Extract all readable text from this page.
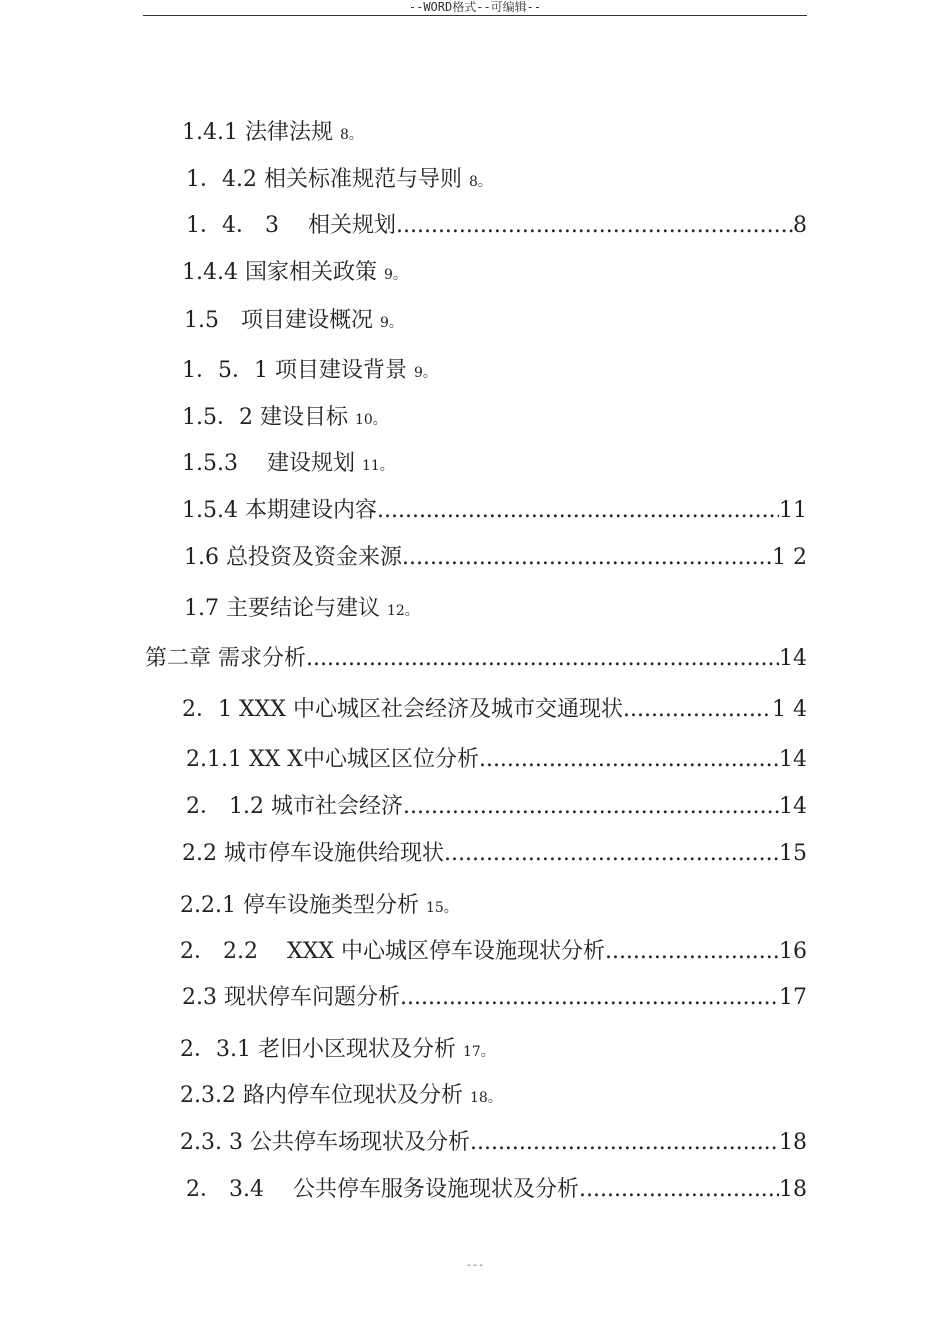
--WORD格式--可编辑--
1.4.1 法律法规 8。
1．4.2 相关标准规范与导则 8。
1．4． 3　 相关规划 .....	8
1.4.4 国家相关政策 9。
1.5　项目建设概况 9。
1．5．1 项目建设背景 9。
1.5．2 建设目标 10。
1.5.3　 建设规划 11。
1.5.4 本期建设内容 .....	11
1.6 总投资及资金来源 .....	1 2
1.7 主要结论与建议 12。
第二章 需求分析 .....	14
2．1 XXX 中心城区社会经济及城市交通现状 .....	1 4
2.1.1 XX X中心城区区位分析 .....	14
2． 1.2 城市社会经济 .....	14
2.2 城市停车设施供给现状 .....	15
2.2.1 停车设施类型分析 15。
2． 2.2　 XXX 中心城区停车设施现状分析 .....	16
2.3 现状停车问题分析 .....	17
2．3.1 老旧小区现状及分析 17。
2.3.2 路内停车位现状及分析 18。
2.3. 3 公共停车场现状及分析 .....	18
2． 3.4　 公共停车服务设施现状及分析 .....	18
---
